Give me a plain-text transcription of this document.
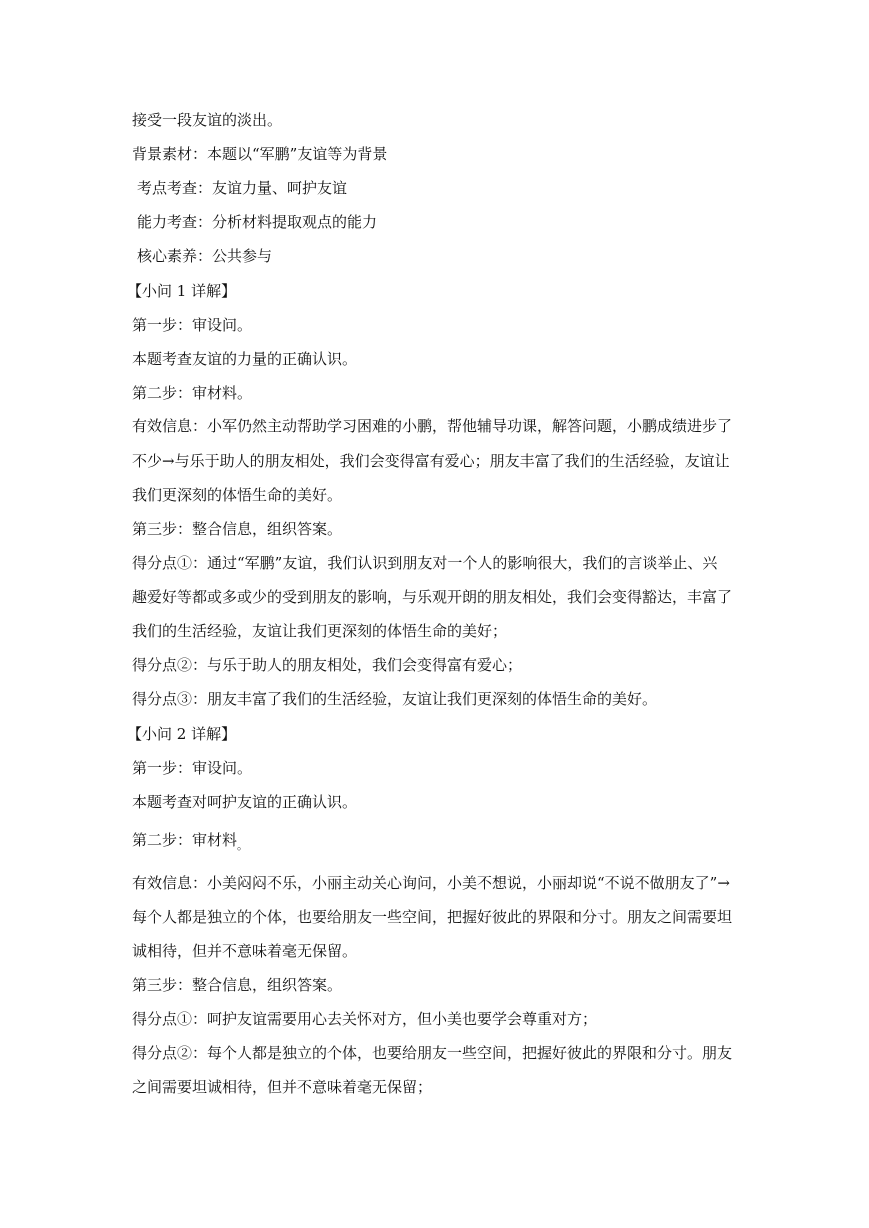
接受一段友谊的淡出。

背景素材：本题以“军鹏”友谊等为背景

考点考查：友谊力量、呵护友谊

能力考查：分析材料提取观点的能力

核心素养：公共参与

【小问 1 详解】

第一步：审设问。

本题考查友谊的力量的正确认识。

第二步：审材料。

有效信息：小军仍然主动帮助学习困难的小鹏，帮他辅导功课，解答问题，小鹏成绩进步了

不少→与乐于助人的朋友相处，我们会变得富有爱心；朋友丰富了我们的生活经验，友谊让

我们更深刻的体悟生命的美好。

第三步：整合信息，组织答案。

得分点①：通过“军鹏”友谊，我们认识到朋友对一个人的影响很大，我们的言谈举止、兴

趣爱好等都或多或少的受到朋友的影响，与乐观开朗的朋友相处，我们会变得豁达，丰富了

我们的生活经验，友谊让我们更深刻的体悟生命的美好；

得分点②：与乐于助人的朋友相处，我们会变得富有爱心；

得分点③：朋友丰富了我们的生活经验，友谊让我们更深刻的体悟生命的美好。

【小问 2 详解】

第一步：审设问。

本题考查对呵护友谊的正确认识。

第二步：审材料$_。$

有效信息：小美闷闷不乐，小丽主动关心询问，小美不想说，小丽却说“不说不做朋友了”→

每个人都是独立的个体，也要给朋友一些空间，把握好彼此的界限和分寸。朋友之间需要坦

诚相待，但并不意味着毫无保留。

第三步：整合信息，组织答案。

得分点①：呵护友谊需要用心去关怀对方，但小美也要学会尊重对方；

得分点②：每个人都是独立的个体，也要给朋友一些空间，把握好彼此的界限和分寸。朋友

之间需要坦诚相待，但并不意味着毫无保留；
